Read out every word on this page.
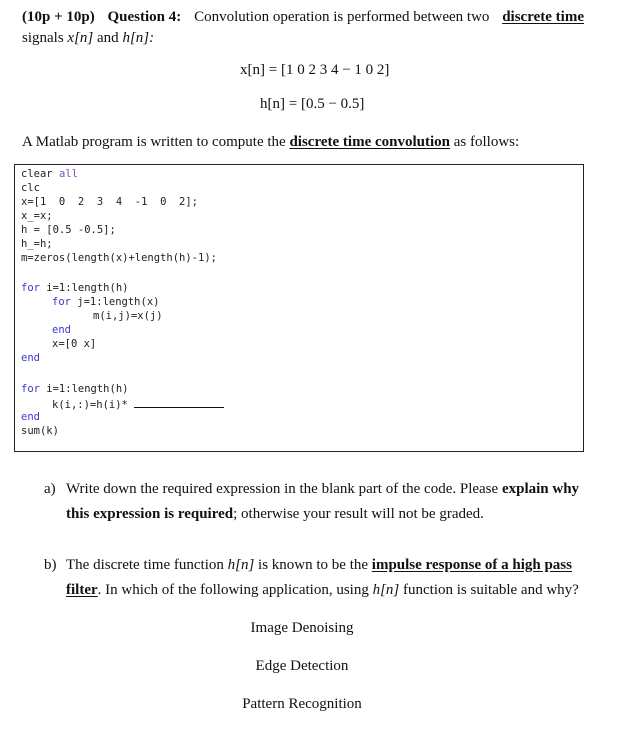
(10p + 10p) Question 4: Convolution operation is performed between two discrete time
signals x[n] and h[n]:
x[n] = [1 0 2 3 4 − 1 0 2]
h[n] = [0.5 − 0.5]
A Matlab program is written to compute the discrete time convolution as follows:
clear all
clc
x=[1  0  2  3  4  -1  0  2];
x_=x;
h = [0.5 -0.5];
h_=h;
m=zeros(length(x)+length(h)-1);
for i=1:length(h)
for j=1:length(x)
m(i,j)=x(j)
end
x=[0 x]
end
for i=1:length(h)
k(i,:)=h(i)*
end
sum(k)
a) Write down the required expression in the blank part of the code. Please explain why
this expression is required; otherwise your result will not be graded.
b) The discrete time function h[n] is known to be the impulse response of a high pass
filter. In which of the following application, using h[n] function is suitable and why?
Image Denoising
Edge Detection
Pattern Recognition
